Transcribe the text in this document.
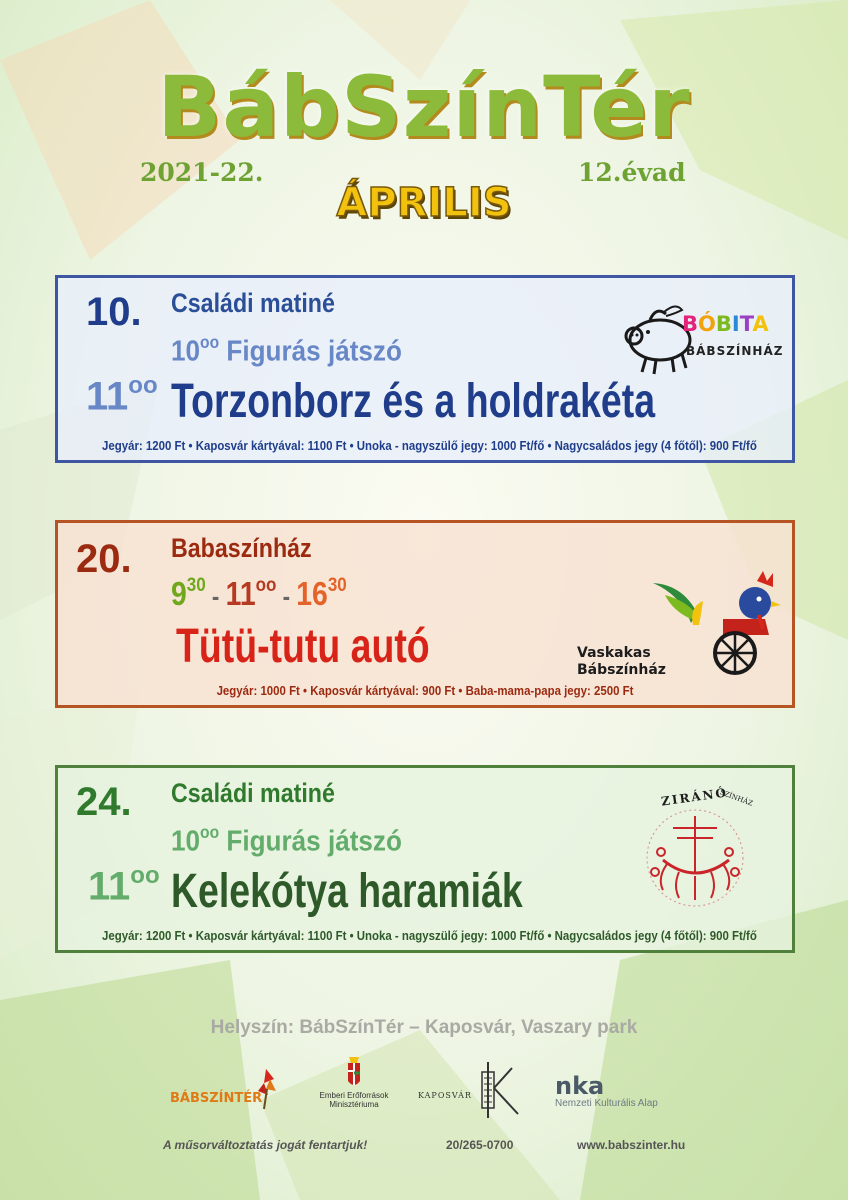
BábSzínTér
2021-22.	12.évad
ÁPRILIS
10. Családi matiné
$10^{oo}$ Figurás játszó
$11^{oo}$ Torzonborz és a holdrakéta
Jegyár: 1200 Ft • Kaposvár kártyával: 1100 Ft • Unoka - nagyszülő jegy: 1000 Ft/fő • Nagycsaládos jegy (4 főtől): 900 Ft/fő
BÓBITA
BÁBSZÍNHÁZ
20. Babaszínház
$9^{30} - 11^{oo} - 16^{30}$
Tütü-tutu autó
Jegyár: 1000 Ft • Kaposvár kártyával: 900 Ft • Baba-mama-papa jegy: 2500 Ft
Vaskakas
Bábszínház
24. Családi matiné
$10^{oo}$ Figurás játszó
$11^{oo}$ Kelekótya haramiák
Jegyár: 1200 Ft • Kaposvár kártyával: 1100 Ft • Unoka - nagyszülő jegy: 1000 Ft/fő • Nagycsaládos jegy (4 főtől): 900 Ft/fő
ZIRÁNÓ
SZÍNHÁZ
Helyszín: BábSzínTér – Kaposvár, Vaszary park
BÁBSZÍNTÉR	Emberi Erőforrások Minisztériuma
KAPOSVÁR	nka
Nemzeti Kulturális Alap
A műsorváltoztatás jogát fentartjuk!	20/265-0700	www.babszinter.hu
